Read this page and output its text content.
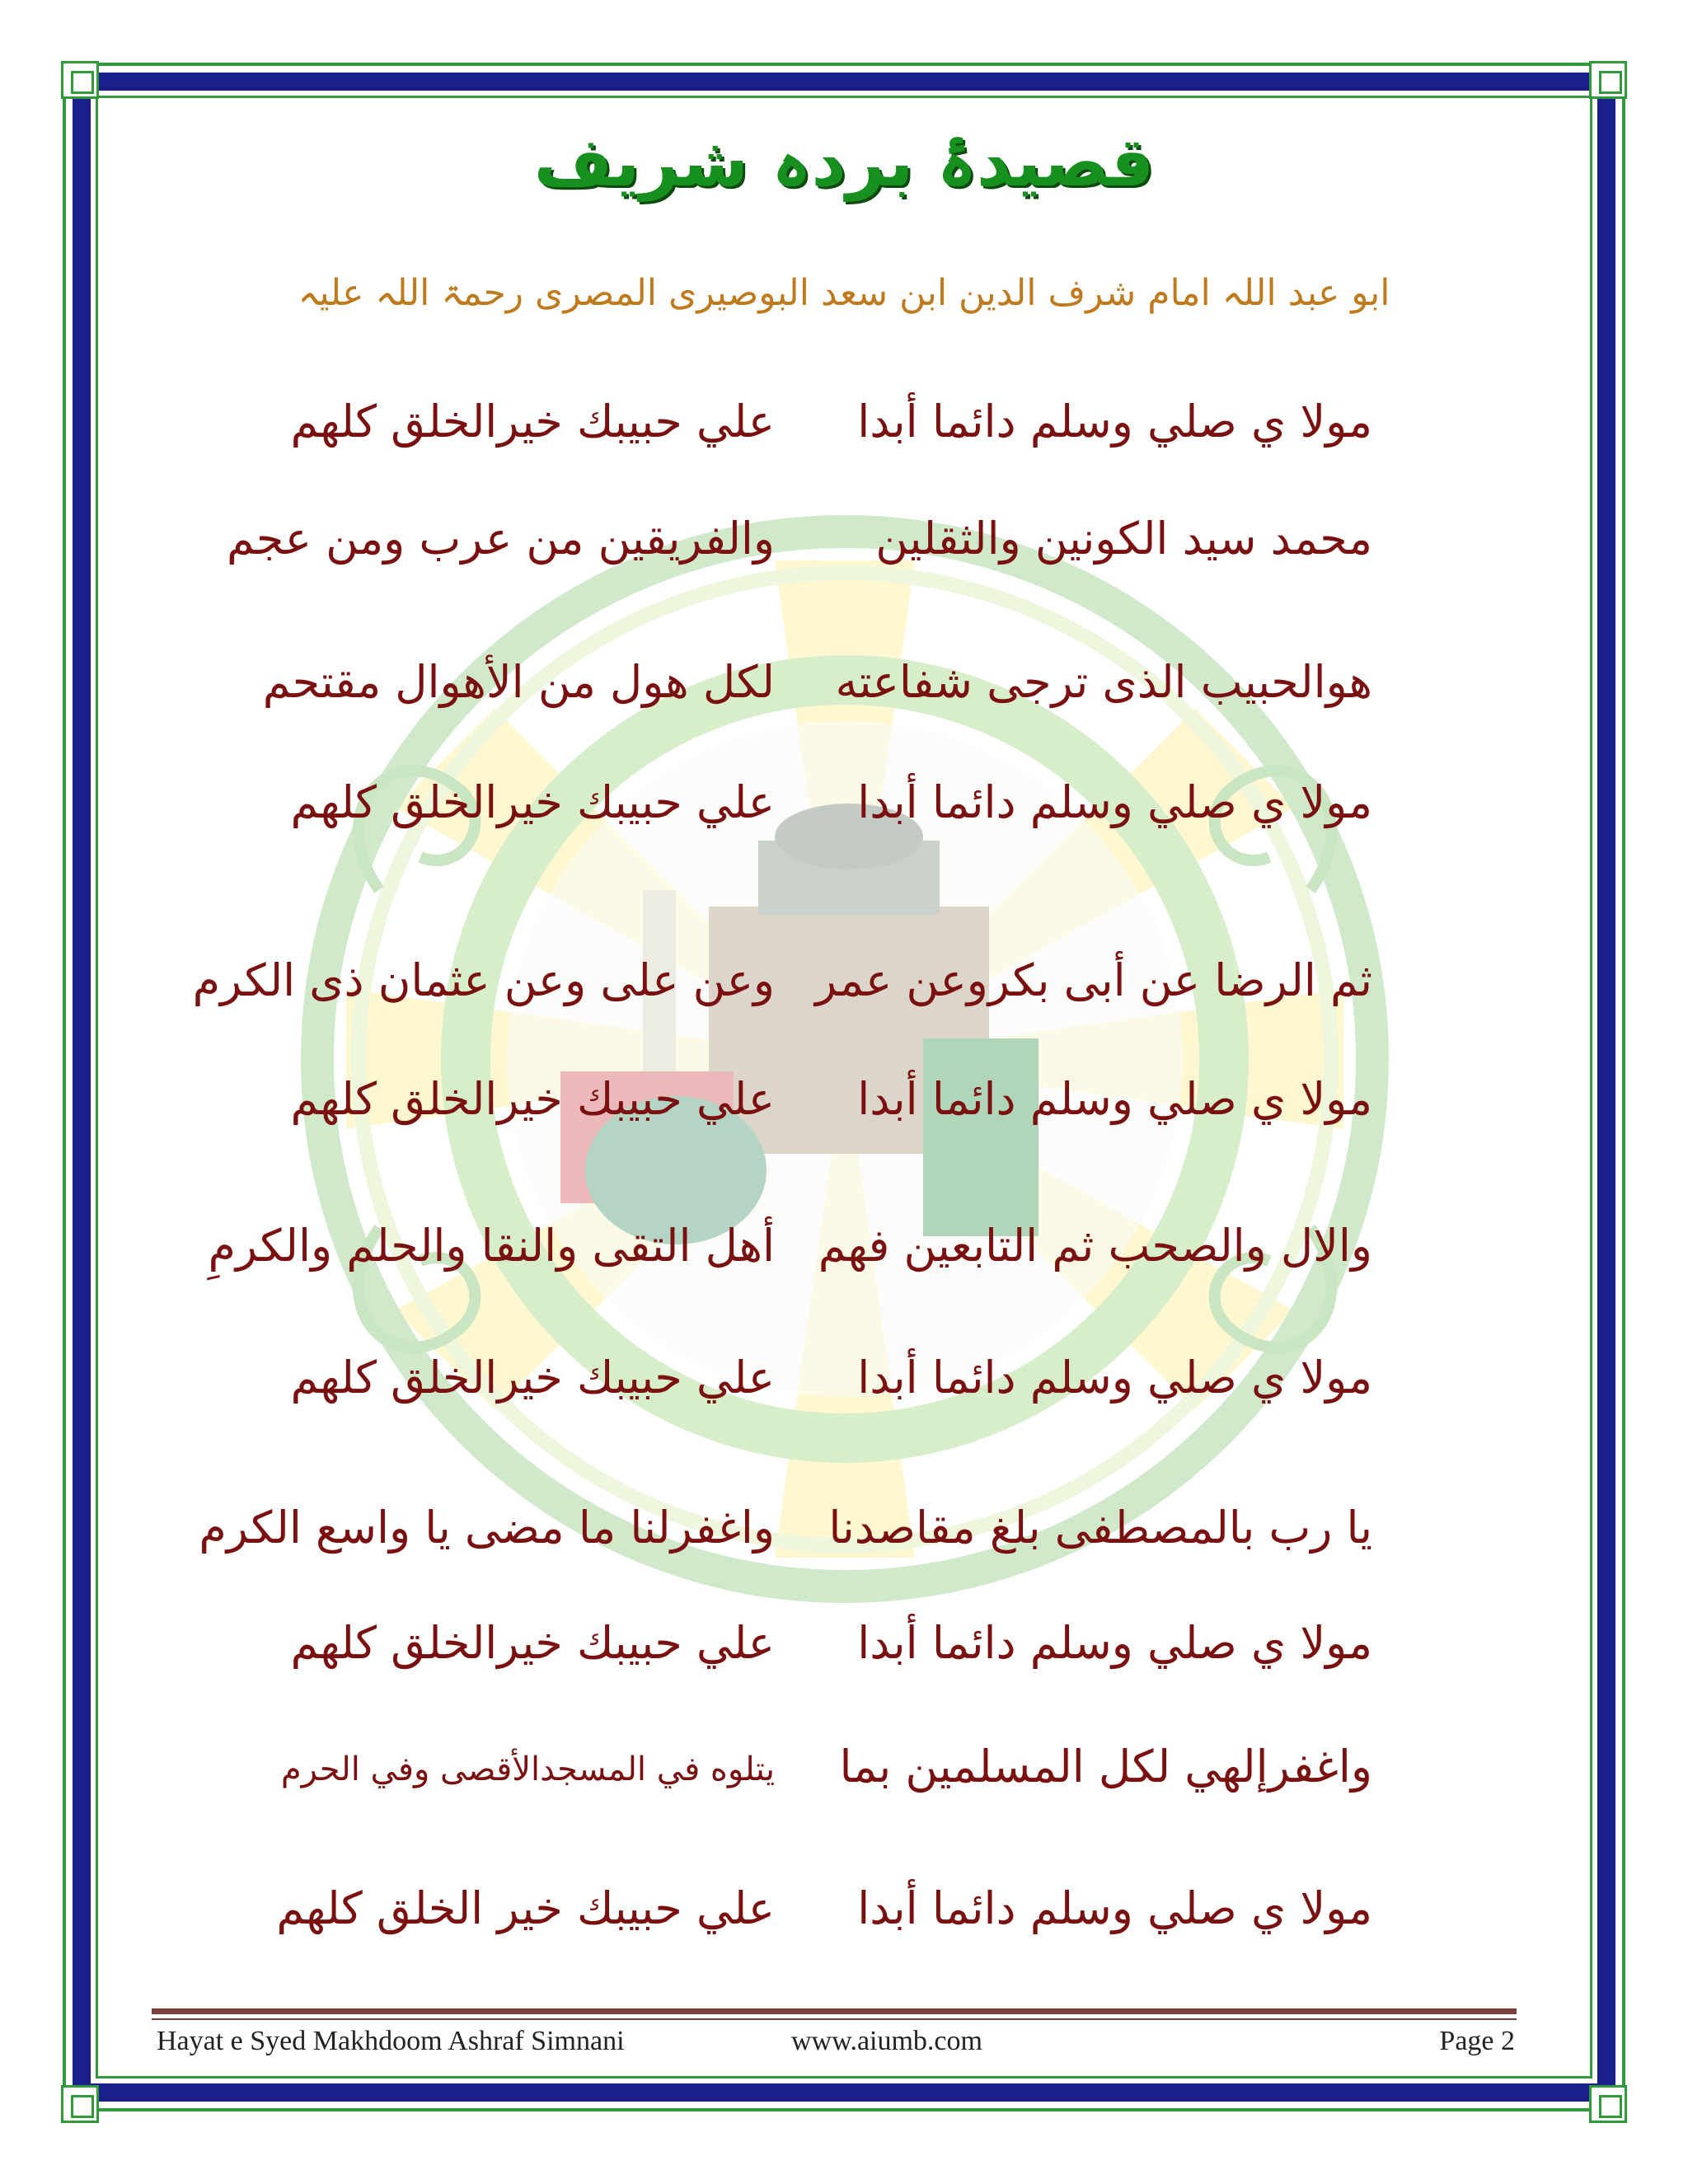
قصیدۂ بردہ شریف
ابو عبد اللہ امام شرف الدین ابن سعد البوصیری المصری رحمۃ اللہ علیہ
مولا ي صلي وسلم دائما أبدا
علي حبيبك خيرالخلق كلهم
محمد سيد الكونين والثقلين
والفريقين من عرب ومن عجم
هوالحبيب الذی ترجی شفاعته
لكل هول من الأهوال مقتحم
مولا ي صلي وسلم دائما أبدا
علي حبيبك خيرالخلق كلهم
ثم الرضا عن أبی بکروعن عمر
وعن علی وعن عثمان ذی الکرم
مولا ي صلي وسلم دائما أبدا
علي حبيبك خيرالخلق كلهم
والال والصحب ثم التابعين فهم
أهل التقی والنقا والحلم والكرمِ
مولا ي صلي وسلم دائما أبدا
علي حبيبك خيرالخلق كلهم
یا رب بالمصطفی بلغ مقاصدنا
واغفرلنا ما مضی یا واسع الکرم
مولا ي صلي وسلم دائما أبدا
علي حبيبك خيرالخلق كلهم
واغفرإلهي لكل المسلمين بما
يتلوه في المسجدالأقصى وفي الحرم
مولا ي صلي وسلم دائما أبدا
علي حبيبك خير الخلق كلهم
Hayat e Syed Makhdoom Ashraf Simnani	www.aiumb.com	Page 2
